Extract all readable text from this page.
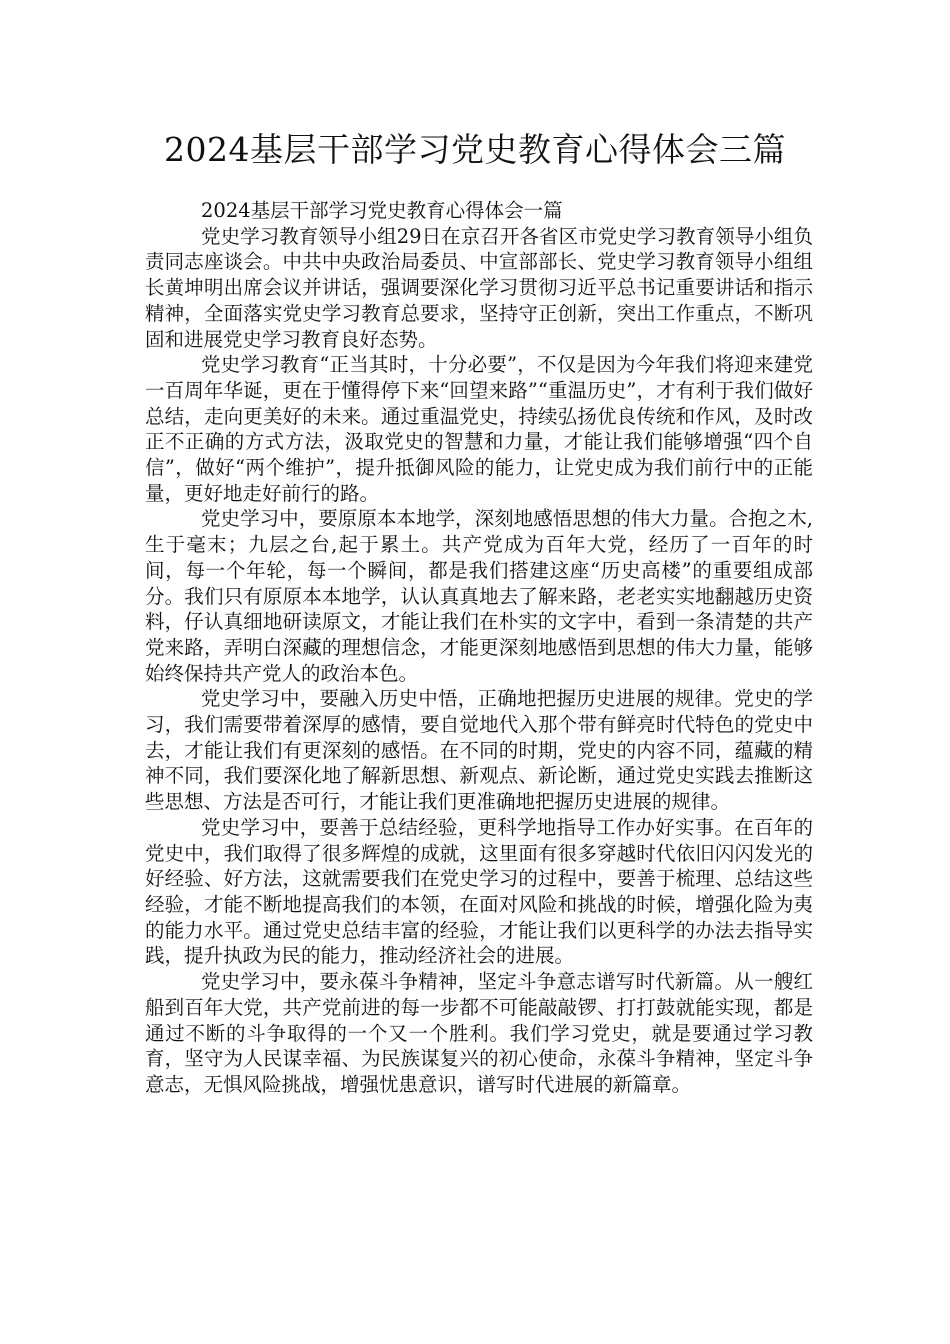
2024基层干部学习党史教育心得体会三篇

2024基层干部学习党史教育心得体会一篇

党史学习教育领导小组29日在京召开各省区市党史学习教育领导小组负责同志座谈会。中共中央政治局委员、中宣部部长、党史学习教育领导小组组长黄坤明出席会议并讲话，强调要深化学习贯彻习近平总书记重要讲话和指示精神，全面落实党史学习教育总要求，坚持守正创新，突出工作重点，不断巩固和进展党史学习教育良好态势。

党史学习教育“正当其时，十分必要”，不仅是因为今年我们将迎来建党一百周年华诞，更在于懂得停下来“回望来路”“重温历史”，才有利于我们做好总结，走向更美好的未来。通过重温党史，持续弘扬优良传统和作风，及时改正不正确的方式方法，汲取党史的智慧和力量，才能让我们能够增强“四个自信”，做好“两个维护”，提升抵御风险的能力，让党史成为我们前行中的正能量，更好地走好前行的路。

党史学习中，要原原本本地学，深刻地感悟思想的伟大力量。合抱之木,生于毫末；九层之台,起于累土。共产党成为百年大党，经历了一百年的时间，每一个年轮，每一个瞬间，都是我们搭建这座“历史高楼”的重要组成部分。我们只有原原本本地学，认认真真地去了解来路，老老实实地翻越历史资料，仔认真细地研读原文，才能让我们在朴实的文字中，看到一条清楚的共产党来路，弄明白深藏的理想信念，才能更深刻地感悟到思想的伟大力量，能够始终保持共产党人的政治本色。

党史学习中，要融入历史中悟，正确地把握历史进展的规律。党史的学习，我们需要带着深厚的感情，要自觉地代入那个带有鲜亮时代特色的党史中去，才能让我们有更深刻的感悟。在不同的时期，党史的内容不同，蕴藏的精神不同，我们要深化地了解新思想、新观点、新论断，通过党史实践去推断这些思想、方法是否可行，才能让我们更准确地把握历史进展的规律。

党史学习中，要善于总结经验，更科学地指导工作办好实事。在百年的党史中，我们取得了很多辉煌的成就，这里面有很多穿越时代依旧闪闪发光的好经验、好方法，这就需要我们在党史学习的过程中，要善于梳理、总结这些经验，才能不断地提高我们的本领，在面对风险和挑战的时候，增强化险为夷的能力水平。通过党史总结丰富的经验，才能让我们以更科学的办法去指导实践，提升执政为民的能力，推动经济社会的进展。

党史学习中，要永葆斗争精神，坚定斗争意志谱写时代新篇。从一艘红船到百年大党，共产党前进的每一步都不可能敲敲锣、打打鼓就能实现，都是通过不断的斗争取得的一个又一个胜利。我们学习党史，就是要通过学习教育，坚守为人民谋幸福、为民族谋复兴的初心使命，永葆斗争精神，坚定斗争意志，无惧风险挑战，增强忧患意识，谱写时代进展的新篇章。
